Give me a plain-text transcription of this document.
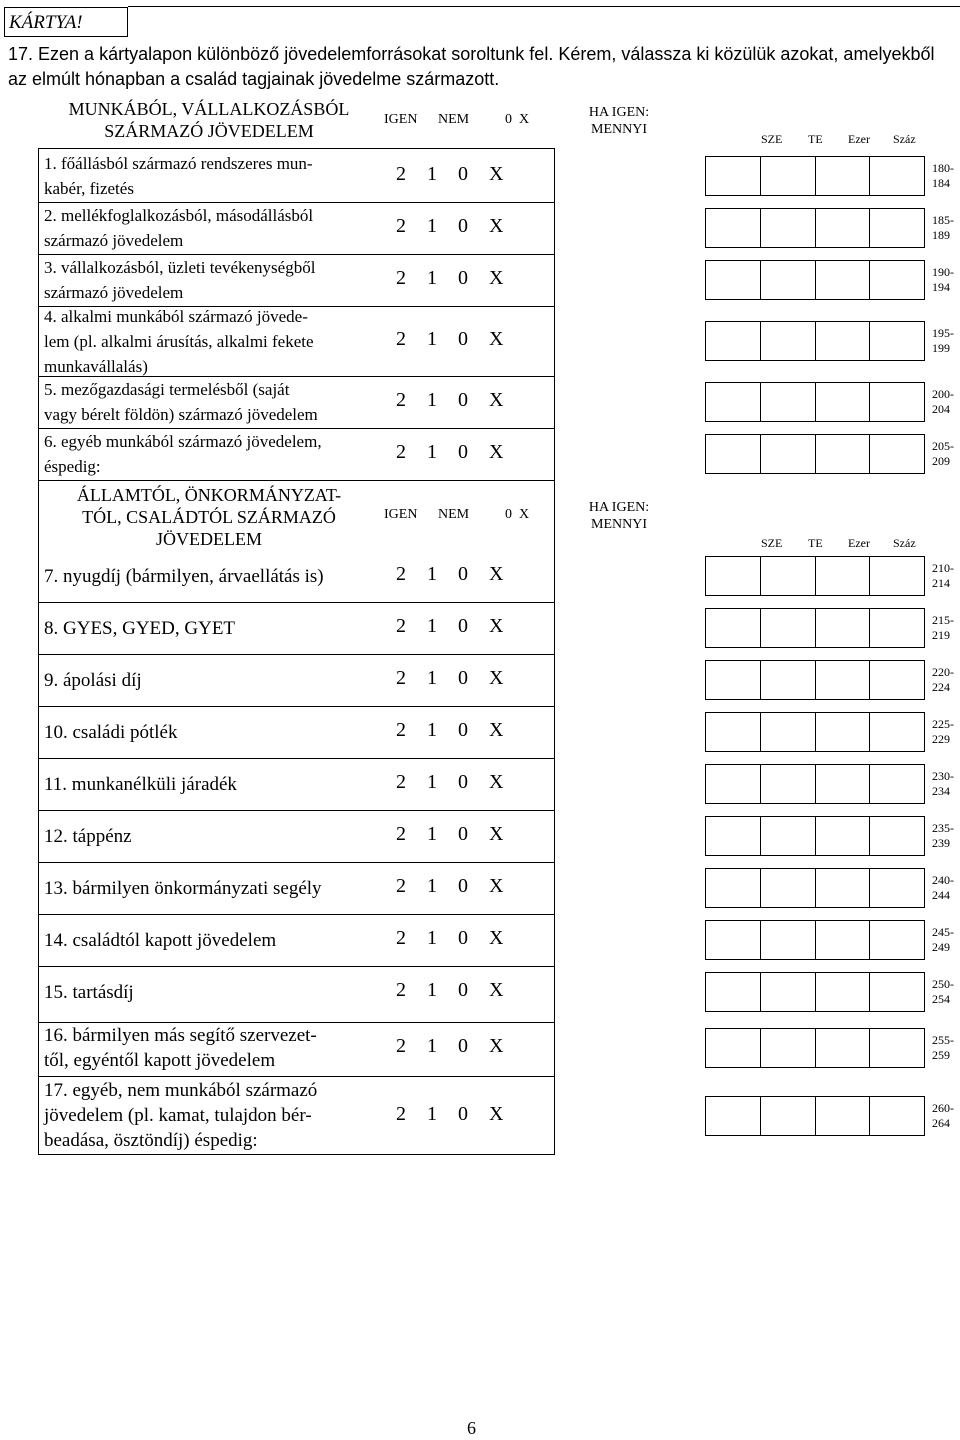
KÁRTYA!
17. Ezen a kártyalapon különböző jövedelemforrásokat soroltunk fel. Kérem, válassza ki közülük azokat, amelyekből az elmúlt hónapban a család tagjainak jövedelme származott.
MUNKÁBÓL, VÁLLALKOZÁSBÓL
SZÁRMAZÓ JÖVEDELEM
IGEN NEM	0  X	HA IGEN:
MENNYI
SZE TE Ezer Száz
ÁLLAMTÓL, ÖNKORMÁNYZAT-
TÓL, CSALÁDTÓL SZÁRMAZÓ
JÖVEDELEM
IGEN NEM	0  X	HA IGEN:
MENNYI
SZE TE Ezer Száz
1. főállásból származó rendszeres mun-
kabér, fizetés
2 1 0 X	180-
184
2. mellékfoglalkozásból, másodállásból
származó jövedelem
2 1 0 X	185-
189
3. vállalkozásból, üzleti tevékenységből
származó jövedelem
2 1 0 X	190-
194
4. alkalmi munkából származó jövede-
lem (pl. alkalmi árusítás, alkalmi fekete
munkavállalás)
2 1 0 X	195-
199
5. mezőgazdasági termelésből (saját
vagy bérelt földön) származó jövedelem
2 1 0 X	200-
204
6. egyéb munkából származó jövedelem,
éspedig:
2 1 0 X	205-
209
7. nyugdíj (bármilyen, árvaellátás is)	2 1 0 X	210-
214
8. GYES, GYED, GYET	2 1 0 X	215-
219
9. ápolási díj	2 1 0 X	220-
224
10. családi pótlék	2 1 0 X	225-
229
11. munkanélküli járadék	2 1 0 X	230-
234
12. táppénz	2 1 0 X	235-
239
13. bármilyen önkormányzati segély	2 1 0 X	240-
244
14. családtól kapott jövedelem	2 1 0 X	245-
249
15. tartásdíj	2 1 0 X	250-
254
16. bármilyen más segítő szervezet-
től, egyéntől kapott jövedelem
2 1 0 X	255-
259
17. egyéb, nem munkából származó
jövedelem (pl. kamat, tulajdon bér-
beadása, ösztöndíj) éspedig:
2 1 0 X	260-
264
6
